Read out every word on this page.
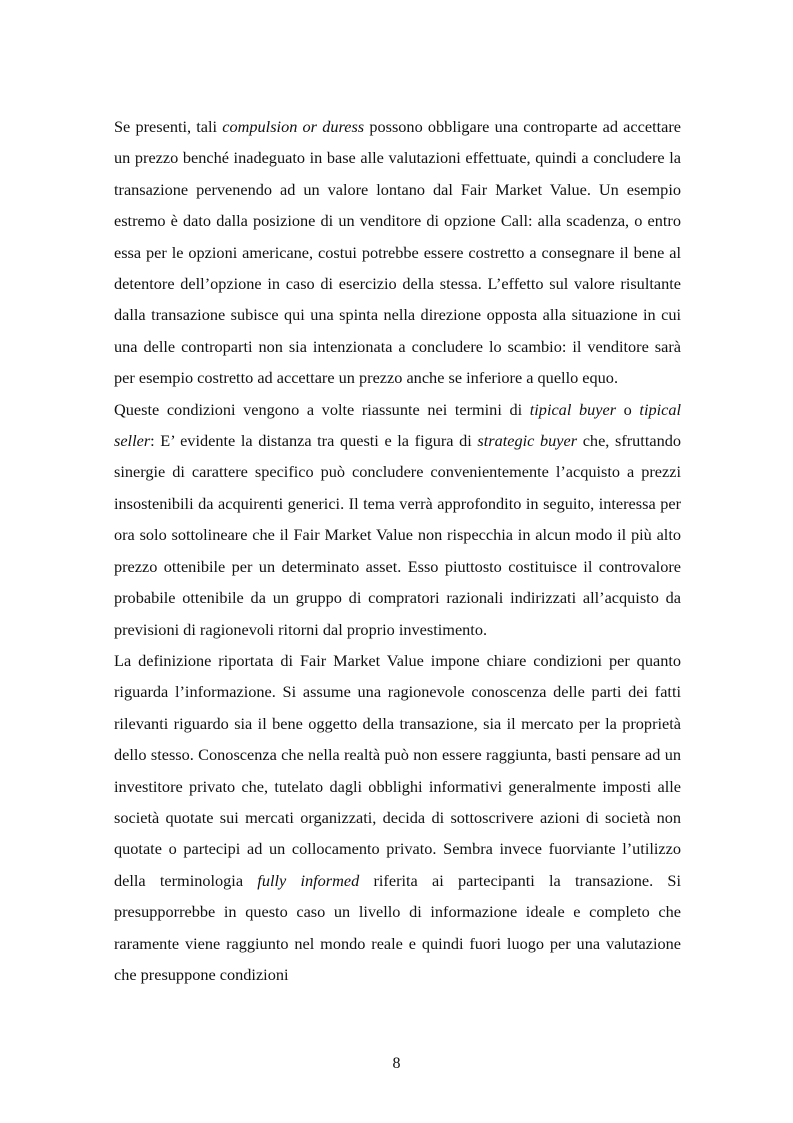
Se presenti, tali compulsion or duress possono obbligare una controparte ad accettare un prezzo benché inadeguato in base alle valutazioni effettuate, quindi a concludere la transazione pervenendo ad un valore lontano dal Fair Market Value. Un esempio estremo è dato dalla posizione di un venditore di opzione Call: alla scadenza, o entro essa per le opzioni americane, costui potrebbe essere costretto a consegnare il bene al detentore dell’opzione in caso di esercizio della stessa. L’effetto sul valore risultante dalla transazione subisce qui una spinta nella direzione opposta alla situazione in cui una delle controparti non sia intenzionata a concludere lo scambio: il venditore sarà per esempio costretto ad accettare un prezzo anche se inferiore a quello equo.

Queste condizioni vengono a volte riassunte nei termini di tipical buyer o tipical seller: E’ evidente la distanza tra questi e la figura di strategic buyer che, sfruttando sinergie di carattere specifico può concludere convenientemente l’acquisto a prezzi insostenibili da acquirenti generici. Il tema verrà approfondito in seguito, interessa per ora solo sottolineare che il Fair Market Value non rispecchia in alcun modo il più alto prezzo ottenibile per un determinato asset. Esso piuttosto costituisce il controvalore probabile ottenibile da un gruppo di compratori razionali indirizzati all’acquisto da previsioni di ragionevoli ritorni dal proprio investimento.

La definizione riportata di Fair Market Value impone chiare condizioni per quanto riguarda l’informazione. Si assume una ragionevole conoscenza delle parti dei fatti rilevanti riguardo sia il bene oggetto della transazione, sia il mercato per la proprietà dello stesso. Conoscenza che nella realtà può non essere raggiunta, basti pensare ad un investitore privato che, tutelato dagli obblighi informativi generalmente imposti alle società quotate sui mercati organizzati, decida di sottoscrivere azioni di società non quotate o partecipi ad un collocamento privato. Sembra invece fuorviante l’utilizzo della terminologia fully informed riferita ai partecipanti la transazione. Si presupporrebbe in questo caso un livello di informazione ideale e completo che raramente viene raggiunto nel mondo reale e quindi fuori luogo per una valutazione che presuppone condizioni

8
